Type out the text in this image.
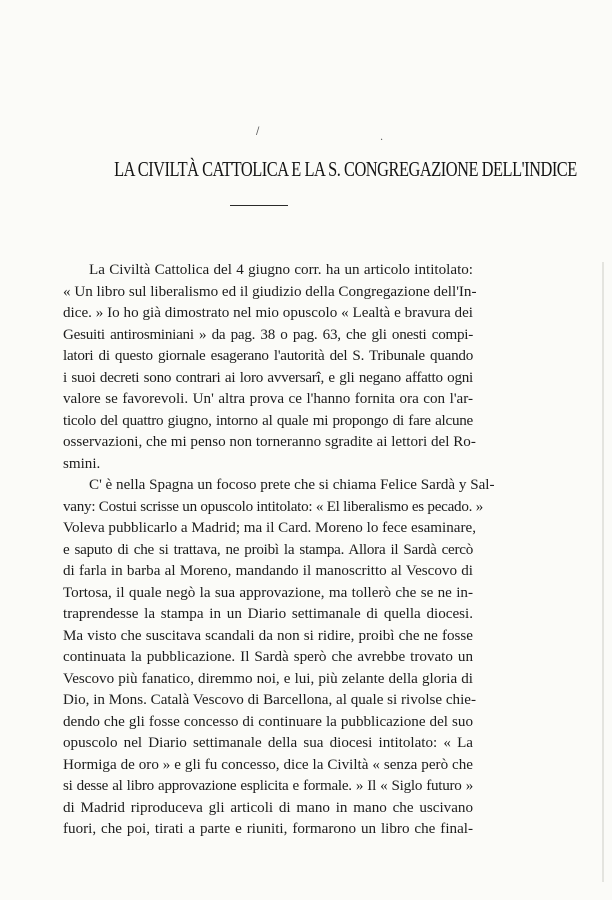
/
.
LA CIVILTÀ CATTOLICA E LA S. CONGREGAZIONE DELL'INDICE
La Civiltà Cattolica del 4 giugno corr. ha un articolo intitolato:
« Un libro sul liberalismo ed il giudizio della Congregazione dell'In-
dice. » Io ho già dimostrato nel mio opuscolo « Lealtà e bravura dei
Gesuiti antirosminiani » da pag. 38 o pag. 63, che gli onesti compi-
latori di questo giornale esagerano l'autorità del S. Tribunale quando
i suoi decreti sono contrari ai loro avversarî, e gli negano affatto ogni
valore se favorevoli. Un' altra prova ce l'hanno fornita ora con l'ar-
ticolo del quattro giugno, intorno al quale mi propongo di fare alcune
osservazioni, che mi penso non torneranno sgradite ai lettori del Ro-
smini.
C' è nella Spagna un focoso prete che si chiama Felice Sardà y Sal-
vany: Costui scrisse un opuscolo intitolato: « El liberalismo es pecado. »
Voleva pubblicarlo a Madrid; ma il Card. Moreno lo fece esaminare,
e saputo di che si trattava, ne proibì la stampa. Allora il Sardà cercò
di farla in barba al Moreno, mandando il manoscritto al Vescovo di
Tortosa, il quale negò la sua approvazione, ma tollerò che se ne in-
traprendesse la stampa in un Diario settimanale di quella diocesi.
Ma visto che suscitava scandali da non si ridire, proibì che ne fosse
continuata la pubblicazione. Il Sardà sperò che avrebbe trovato un
Vescovo più fanatico, diremmo noi, e lui, più zelante della gloria di
Dio, in Mons. Català Vescovo di Barcellona, al quale si rivolse chie-
dendo che gli fosse concesso di continuare la pubblicazione del suo
opuscolo nel Diario settimanale della sua diocesi intitolato: « La
Hormiga de oro » e gli fu concesso, dice la Civiltà « senza però che
si desse al libro approvazione esplicita e formale. » Il « Siglo futuro »
di Madrid riproduceva gli articoli di mano in mano che uscivano
fuori, che poi, tirati a parte e riuniti, formarono un libro che final-
